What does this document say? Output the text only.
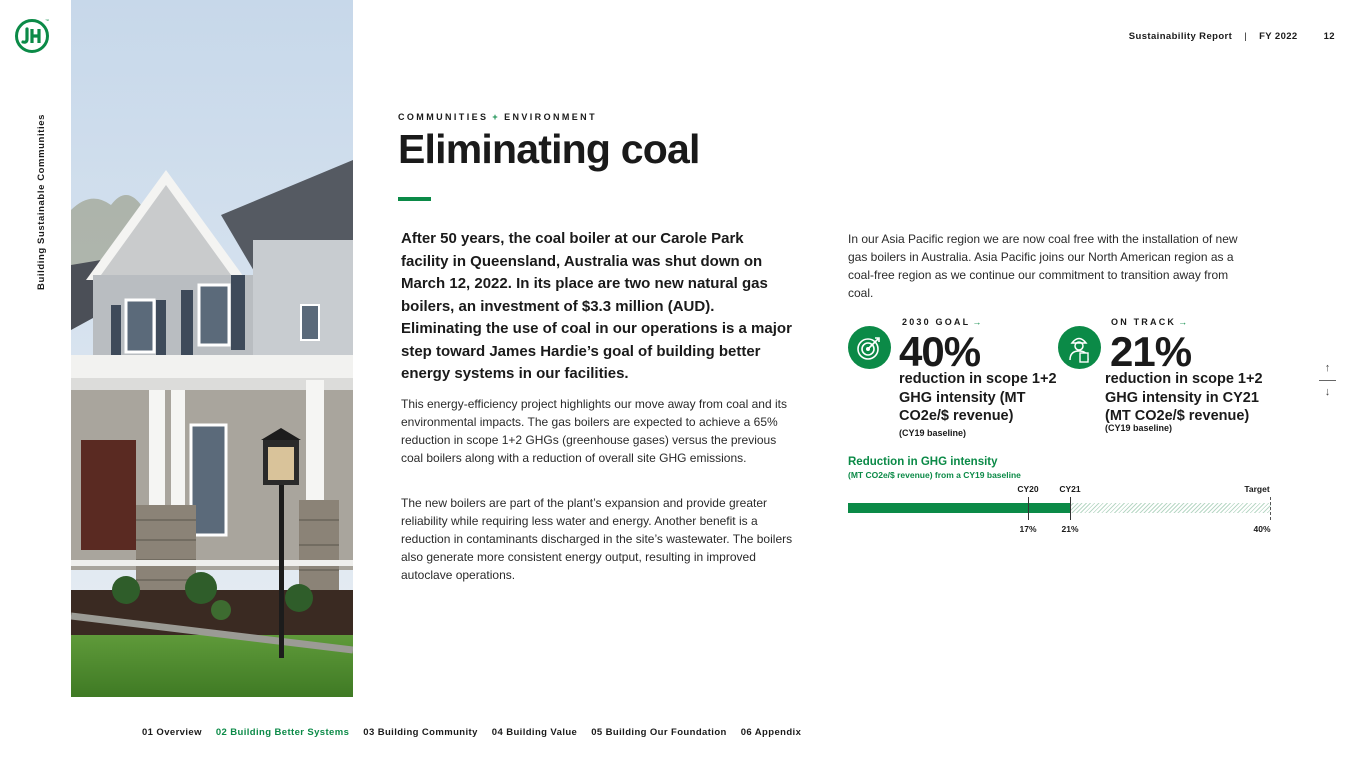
™
Building Sustainable Communities
Sustainability Report | FY 2022	12
COMMUNITIES + ENVIRONMENT
Eliminating coal

After 50 years, the coal boiler at our Carole Park facility in Queensland, Australia was shut down on March 12, 2022. In its place are two new natural gas boilers, an investment of $3.3 million (AUD). Eliminating the use of coal in our operations is a major step toward James Hardie’s goal of building better energy systems in our facilities.

This energy-efficiency project highlights our move away from coal and its environmental impacts. The gas boilers are expected to achieve a 65% reduction in scope 1+2 GHGs (greenhouse gases) versus the previous coal boilers along with a reduction of overall site GHG emissions.

The new boilers are part of the plant’s expansion and provide greater reliability while requiring less water and energy. Another benefit is a reduction in contaminants discharged in the site’s wastewater. The boilers also generate more consistent energy output, resulting in improved autoclave operations.

In our Asia Pacific region we are now coal free with the installation of new gas boilers in Australia. Asia Pacific joins our North American region as a coal-free region as we continue our commitment to transition away from coal.

2030 GOAL →
40%
reduction in scope 1+2 GHG intensity (MT CO2e/$ revenue)
(CY19 baseline)
ON TRACK →
21%
reduction in scope 1+2 GHG intensity in CY21 (MT CO2e/$ revenue)
(CY19 baseline)
Reduction in GHG intensity
(MT CO2e/$ revenue) from a CY19 baseline
CY20
17%
CY21
21%
Target
40%
↑
↓
01 Overview 02 Building Better Systems 03 Building Community 04 Building Value 05 Building Our Foundation 06 Appendix
